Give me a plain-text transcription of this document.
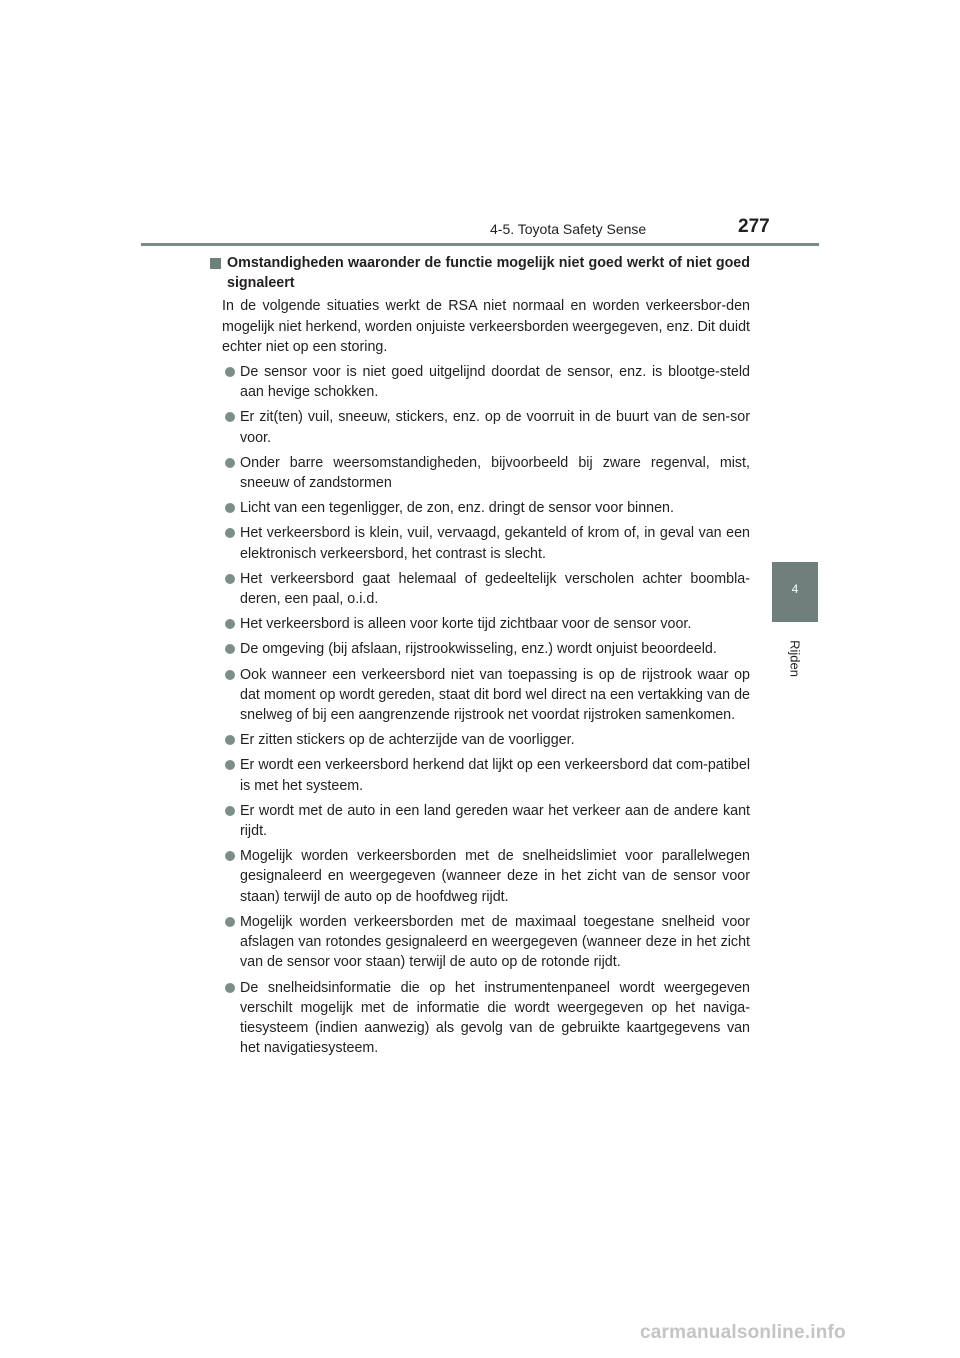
4-5. Toyota Safety Sense	277
4
Rijden
Omstandigheden waaronder de functie mogelijk niet goed werkt of niet goed signaleert
In de volgende situaties werkt de RSA niet normaal en worden verkeersbor-den mogelijk niet herkend, worden onjuiste verkeersborden weergegeven, enz. Dit duidt echter niet op een storing.
De sensor voor is niet goed uitgelijnd doordat de sensor, enz. is blootge-steld aan hevige schokken.
Er zit(ten) vuil, sneeuw, stickers, enz. op de voorruit in de buurt van de sen-sor voor.
Onder barre weersomstandigheden, bijvoorbeeld bij zware regenval, mist, sneeuw of zandstormen
Licht van een tegenligger, de zon, enz. dringt de sensor voor binnen.
Het verkeersbord is klein, vuil, vervaagd, gekanteld of krom of, in geval van een elektronisch verkeersbord, het contrast is slecht.
Het verkeersbord gaat helemaal of gedeeltelijk verscholen achter boombla-deren, een paal, o.i.d.
Het verkeersbord is alleen voor korte tijd zichtbaar voor de sensor voor.
De omgeving (bij afslaan, rijstrookwisseling, enz.) wordt onjuist beoordeeld.
Ook wanneer een verkeersbord niet van toepassing is op de rijstrook waar op dat moment op wordt gereden, staat dit bord wel direct na een vertakking van de snelweg of bij een aangrenzende rijstrook net voordat rijstroken samenkomen.
Er zitten stickers op de achterzijde van de voorligger.
Er wordt een verkeersbord herkend dat lijkt op een verkeersbord dat com-patibel is met het systeem.
Er wordt met de auto in een land gereden waar het verkeer aan de andere kant rijdt.
Mogelijk worden verkeersborden met de snelheidslimiet voor parallelwegen gesignaleerd en weergegeven (wanneer deze in het zicht van de sensor voor staan) terwijl de auto op de hoofdweg rijdt.
Mogelijk worden verkeersborden met de maximaal toegestane snelheid voor afslagen van rotondes gesignaleerd en weergegeven (wanneer deze in het zicht van de sensor voor staan) terwijl de auto op de rotonde rijdt.
De snelheidsinformatie die op het instrumentenpaneel wordt weergegeven verschilt mogelijk met de informatie die wordt weergegeven op het naviga-tiesysteem (indien aanwezig) als gevolg van de gebruikte kaartgegevens van het navigatiesysteem.
carmanualsonline.info
